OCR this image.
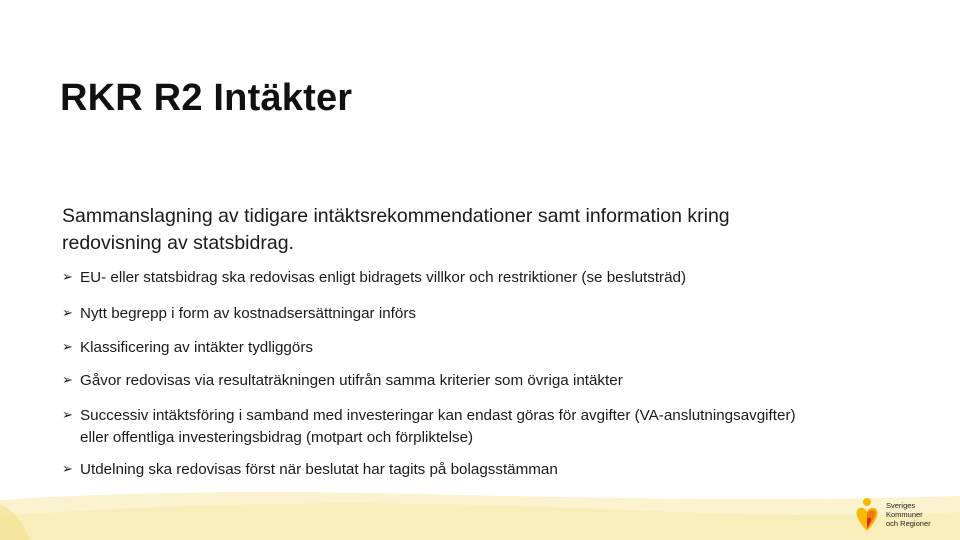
RKR R2 Intäkter
Sammanslagning av tidigare intäktsrekommendationer samt information kring redovisning av statsbidrag.
➢ EU- eller statsbidrag ska redovisas enligt bidragets villkor och restriktioner (se beslutsträd)
➢ Nytt begrepp i form av kostnadsersättningar införs
➢ Klassificering av intäkter tydliggörs
➢ Gåvor redovisas via resultaträkningen utifrån samma kriterier som övriga intäkter
➢ Successiv intäktsföring i samband med investeringar kan endast göras för avgifter (VA-anslutningsavgifter) eller offentliga investeringsbidrag (motpart och förpliktelse)
➢ Utdelning ska redovisas först när beslutat har tagits på bolagsstämman
Sveriges
Kommuner
och Regioner
